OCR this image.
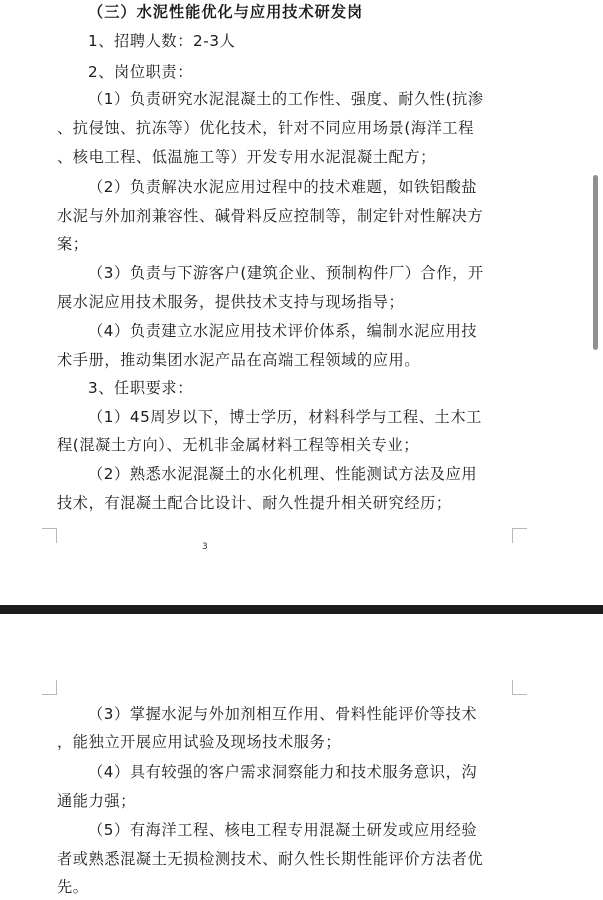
（三）水泥性能优化与应用技术研发岗

1、招聘人数：2-3人

2、岗位职责：

（1）负责研究水泥混凝土的工作性、强度、耐久性(抗渗

、抗侵蚀、抗冻等）优化技术，针对不同应用场景(海洋工程

、核电工程、低温施工等）开发专用水泥混凝土配方；

（2）负责解决水泥应用过程中的技术难题，如铁铝酸盐

水泥与外加剂兼容性、碱骨料反应控制等，制定针对性解决方

案；

（3）负责与下游客户(建筑企业、预制构件厂）合作，开

展水泥应用技术服务，提供技术支持与现场指导；

（4）负责建立水泥应用技术评价体系，编制水泥应用技

术手册，推动集团水泥产品在高端工程领域的应用。

3、任职要求：

（1）45周岁以下，博士学历，材料科学与工程、土木工

程(混凝土方向）、无机非金属材料工程等相关专业；

（2）熟悉水泥混凝土的水化机理、性能测试方法及应用

技术，有混凝土配合比设计、耐久性提升相关研究经历；

3

（3）掌握水泥与外加剂相互作用、骨料性能评价等技术

，能独立开展应用试验及现场技术服务；

（4）具有较强的客户需求洞察能力和技术服务意识，沟

通能力强；

（5）有海洋工程、核电工程专用混凝土研发或应用经验

者或熟悉混凝土无损检测技术、耐久性长期性能评价方法者优

先。
